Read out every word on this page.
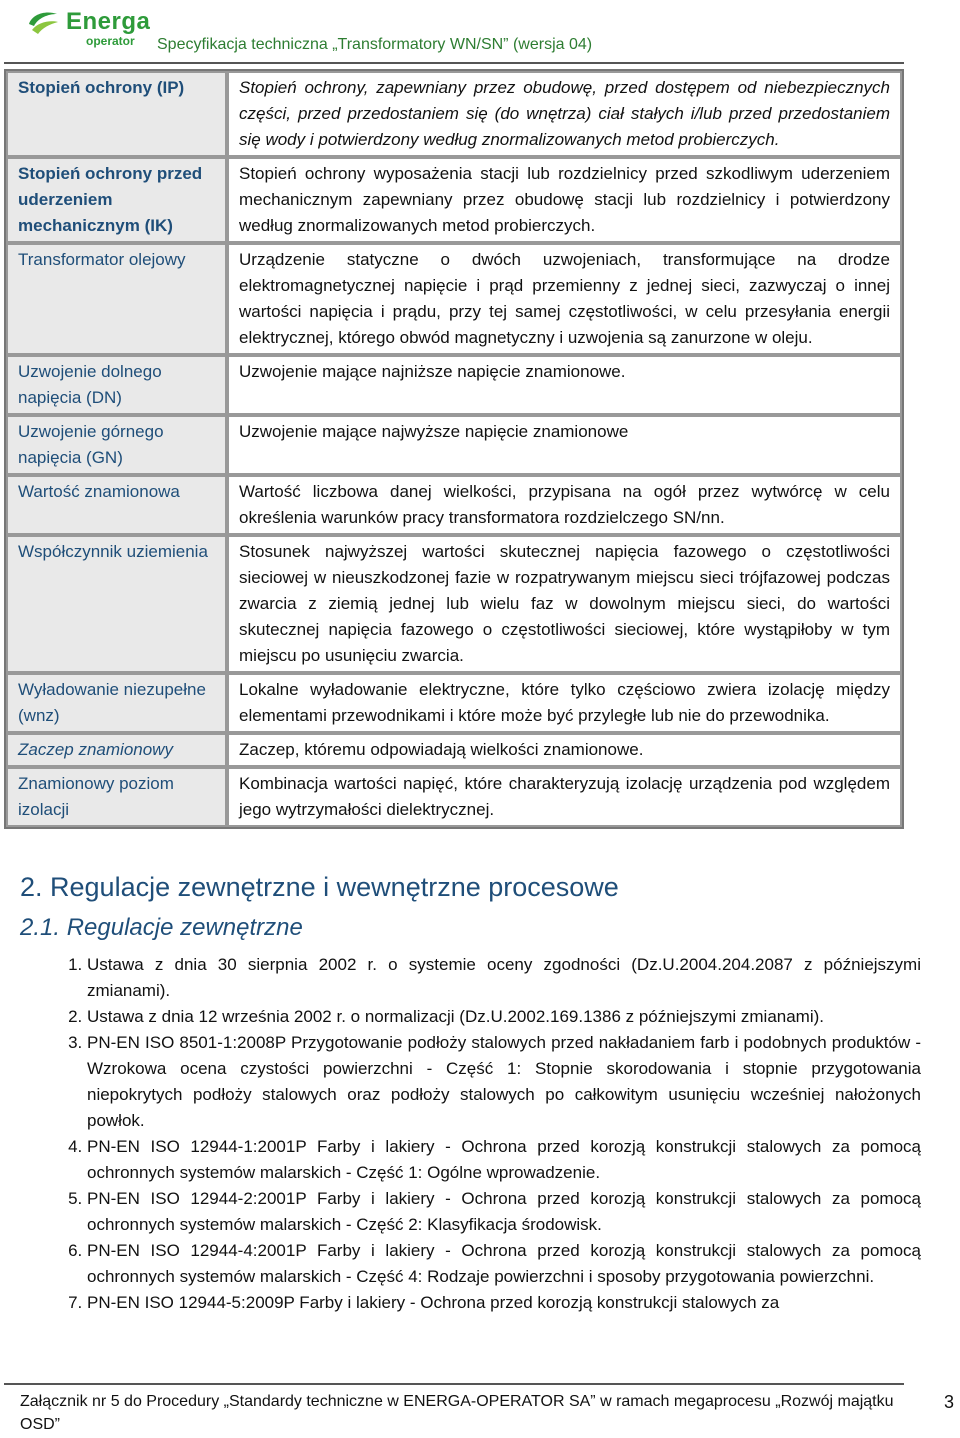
Energa
operator Specyfikacja techniczna „Transformatory WN/SN” (wersja 04)
Stopień ochrony (IP)	Stopień ochrony, zapewniany przez obudowę, przed dostępem od niebezpiecznych części, przed przedostaniem się (do wnętrza) ciał stałych i/lub przed przedostaniem się wody i potwierdzony według znormalizowanych metod probierczych.
Stopień ochrony przed uderzeniem mechanicznym (IK)	Stopień ochrony wyposażenia stacji lub rozdzielnicy przed szkodliwym uderzeniem mechanicznym zapewniany przez obudowę stacji lub rozdzielnicy i potwierdzony według znormalizowanych metod probierczych.
Transformator olejowy	Urządzenie statyczne o dwóch uzwojeniach, transformujące na drodze elektromagnetycznej napięcie i prąd przemienny z jednej sieci, zazwyczaj o innej wartości napięcia i prądu, przy tej samej częstotliwości, w celu przesyłania energii elektrycznej, którego obwód magnetyczny i uzwojenia są zanurzone w oleju.
Uzwojenie dolnego napięcia (DN)	Uzwojenie mające najniższe napięcie znamionowe.
Uzwojenie górnego napięcia (GN)	Uzwojenie mające najwyższe napięcie znamionowe
Wartość znamionowa	Wartość liczbowa danej wielkości, przypisana na ogół przez wytwórcę w celu określenia warunków pracy transformatora rozdzielczego SN/nn.
Współczynnik uziemienia	Stosunek najwyższej wartości skutecznej napięcia fazowego o częstotliwości sieciowej w nieuszkodzonej fazie w rozpatrywanym miejscu sieci trójfazowej podczas zwarcia z ziemią jednej lub wielu faz w dowolnym miejscu sieci, do wartości skutecznej napięcia fazowego o częstotliwości sieciowej, które wystąpiłoby w tym miejscu po usunięciu zwarcia.
Wyładowanie niezupełne (wnz)	Lokalne wyładowanie elektryczne, które tylko częściowo zwiera izolację między elementami przewodnikami i które może być przyległe lub nie do przewodnika.
Zaczep znamionowy	Zaczep, któremu odpowiadają wielkości znamionowe.
Znamionowy poziom izolacji	Kombinacja wartości napięć, które charakteryzują izolację urządzenia pod względem jego wytrzymałości dielektrycznej.
2. Regulacje zewnętrzne i wewnętrzne procesowe
2.1. Regulacje zewnętrzne
1. Ustawa z dnia 30 sierpnia 2002 r. o systemie oceny zgodności (Dz.U.2004.204.2087 z późniejszymi zmianami).
2. Ustawa z dnia 12 września 2002 r. o normalizacji (Dz.U.2002.169.1386 z późniejszymi zmianami).
3. PN-EN ISO 8501-1:2008P Przygotowanie podłoży stalowych przed nakładaniem farb i podobnych produktów - Wzrokowa ocena czystości powierzchni - Część 1: Stopnie skorodowania i stopnie przygotowania niepokrytych podłoży stalowych oraz podłoży stalowych po całkowitym usunięciu wcześniej nałożonych powłok.
4. PN-EN ISO 12944-1:2001P Farby i lakiery - Ochrona przed korozją konstrukcji stalowych za pomocą ochronnych systemów malarskich - Część 1: Ogólne wprowadzenie.
5. PN-EN ISO 12944-2:2001P Farby i lakiery - Ochrona przed korozją konstrukcji stalowych za pomocą ochronnych systemów malarskich - Część 2: Klasyfikacja środowisk.
6. PN-EN ISO 12944-4:2001P Farby i lakiery - Ochrona przed korozją konstrukcji stalowych za pomocą ochronnych systemów malarskich - Część 4: Rodzaje powierzchni i sposoby przygotowania powierzchni.
7. PN-EN ISO 12944-5:2009P Farby i lakiery - Ochrona przed korozją konstrukcji stalowych za
Załącznik nr 5 do Procedury „Standardy techniczne w ENERGA-OPERATOR SA” w ramach megaprocesu „Rozwój majątku OSD”
3
